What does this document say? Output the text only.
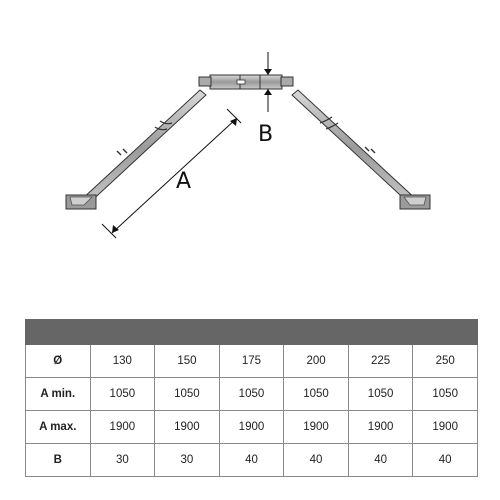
B
A

Ø	130	150	175	200	225	250
A min.	1050	1050	1050	1050	1050	1050
A max.	1900	1900	1900	1900	1900	1900
B	30	30	40	40	40	40
